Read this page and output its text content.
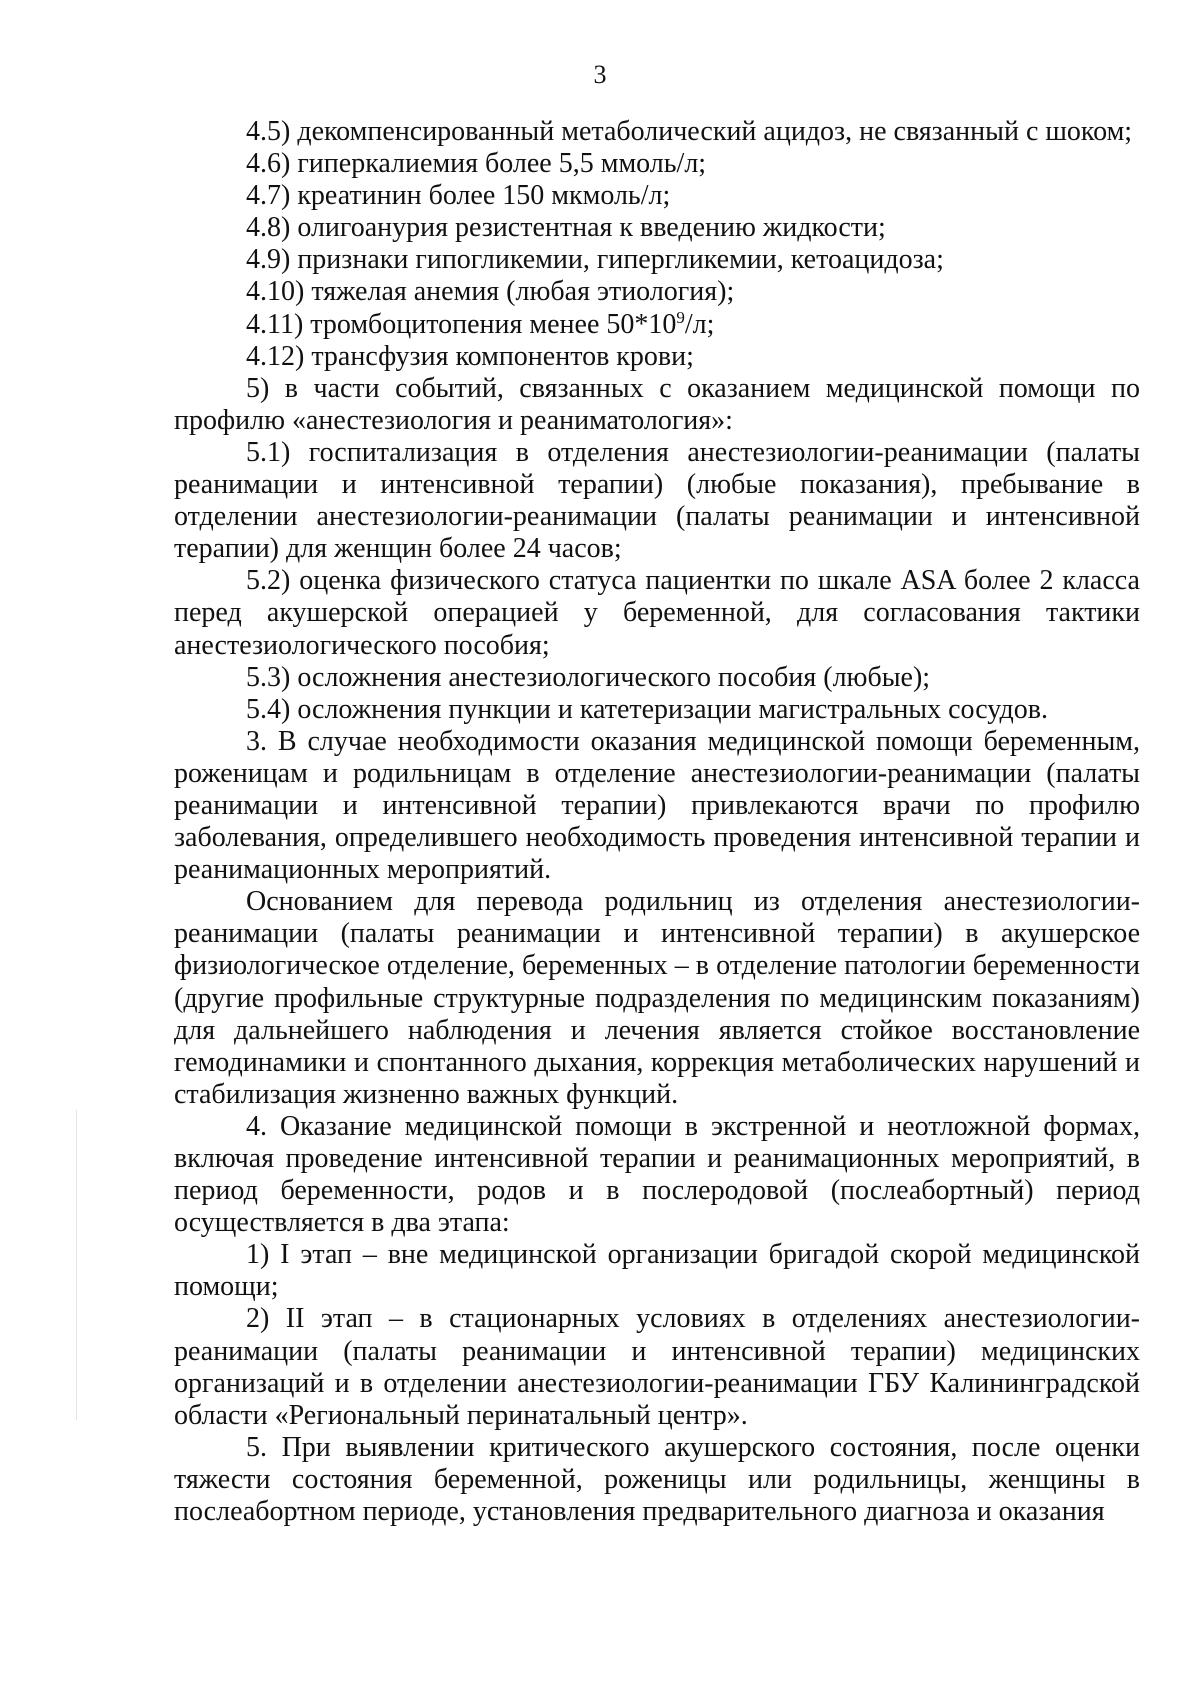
3

4.5) декомпенсированный метаболический ацидоз, не связанный с шоком;

4.6) гиперкалиемия более 5,5 ммоль/л;

4.7) креатинин более 150 мкмоль/л;

4.8) олигоанурия резистентная к введению жидкости;

4.9) признаки гипогликемии, гипергликемии, кетоацидоза;

4.10) тяжелая анемия (любая этиология);

4.11) тромбоцитопения менее $50*10^9/л$;

4.12) трансфузия компонентов крови;

5) в части событий, связанных с оказанием медицинской помощи по профилю «анестезиология и реаниматология»:

5.1) госпитализация в отделения анестезиологии-реанимации (палаты реанимации и интенсивной терапии) (любые показания), пребывание в отделении анестезиологии-реанимации (палаты реанимации и интенсивной терапии) для женщин более 24 часов;

5.2) оценка физического статуса пациентки по шкале ASA более 2 класса перед акушерской операцией у беременной, для согласования тактики анестезиологического пособия;

5.3) осложнения анестезиологического пособия (любые);

5.4) осложнения пункции и катетеризации магистральных сосудов.

3. В случае необходимости оказания медицинской помощи беременным, роженицам и родильницам в отделение анестезиологии-реанимации (палаты реанимации и интенсивной терапии) привлекаются врачи по профилю заболевания, определившего необходимость проведения интенсивной терапии и реанимационных мероприятий.

Основанием для перевода родильниц из отделения анестезиологии-реанимации (палаты реанимации и интенсивной терапии) в акушерское физиологическое отделение, беременных – в отделение патологии беременности (другие профильные структурные подразделения по медицинским показаниям) для дальнейшего наблюдения и лечения является стойкое восстановление гемодинамики и спонтанного дыхания, коррекция метаболических нарушений и стабилизация жизненно важных функций.

4. Оказание медицинской помощи в экстренной и неотложной формах, включая проведение интенсивной терапии и реанимационных мероприятий, в период беременности, родов и в послеродовой (послеабортный) период осуществляется в два этапа:

1) I этап – вне медицинской организации бригадой скорой медицинской помощи;

2) II этап – в стационарных условиях в отделениях анестезиологии-реанимации (палаты реанимации и интенсивной терапии) медицинских организаций и в отделении анестезиологии-реанимации ГБУ Калининградской области «Региональный перинатальный центр».

5. При выявлении критического акушерского состояния, после оценки тяжести состояния беременной, роженицы или родильницы, женщины в послеабортном периоде, установления предварительного диагноза и оказания
